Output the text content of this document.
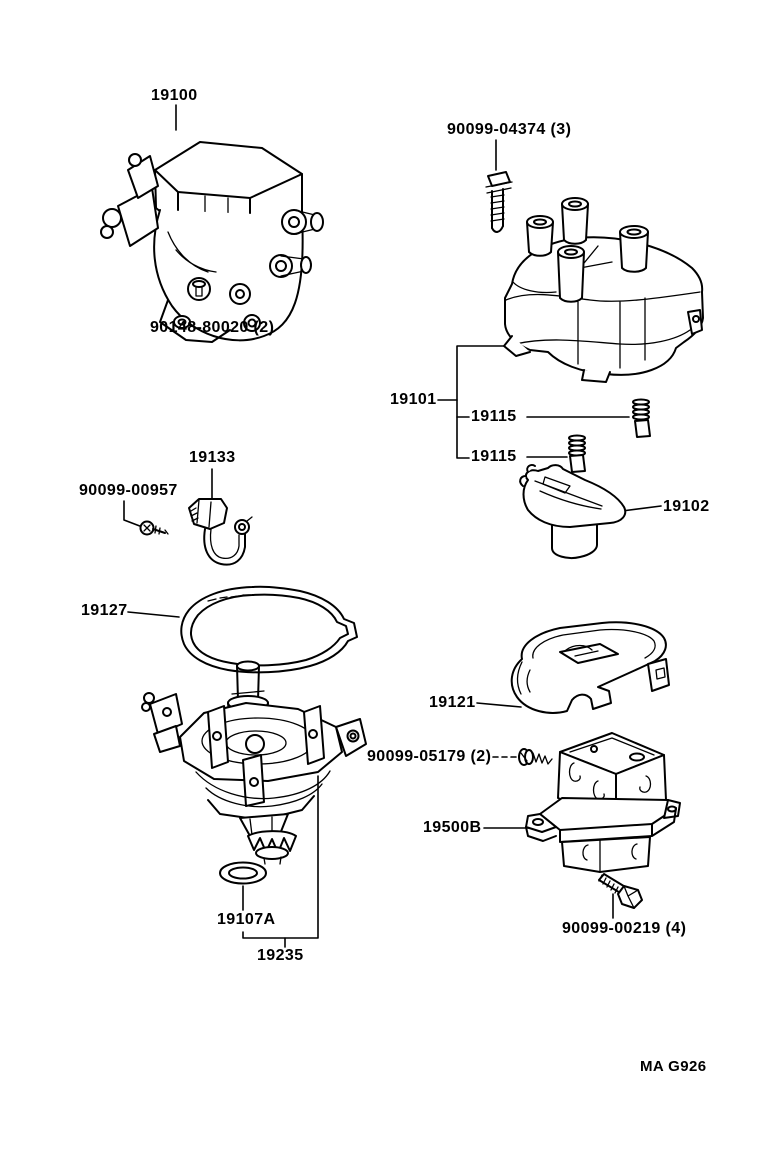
19100
90099-04374 (3)
90148-80020 (2)
19101
19115
19115
19102
19133
90099-00957
19127
19121
90099-05179 (2)
19500B
19107A
19235
90099-00219 (4)
MA G926
